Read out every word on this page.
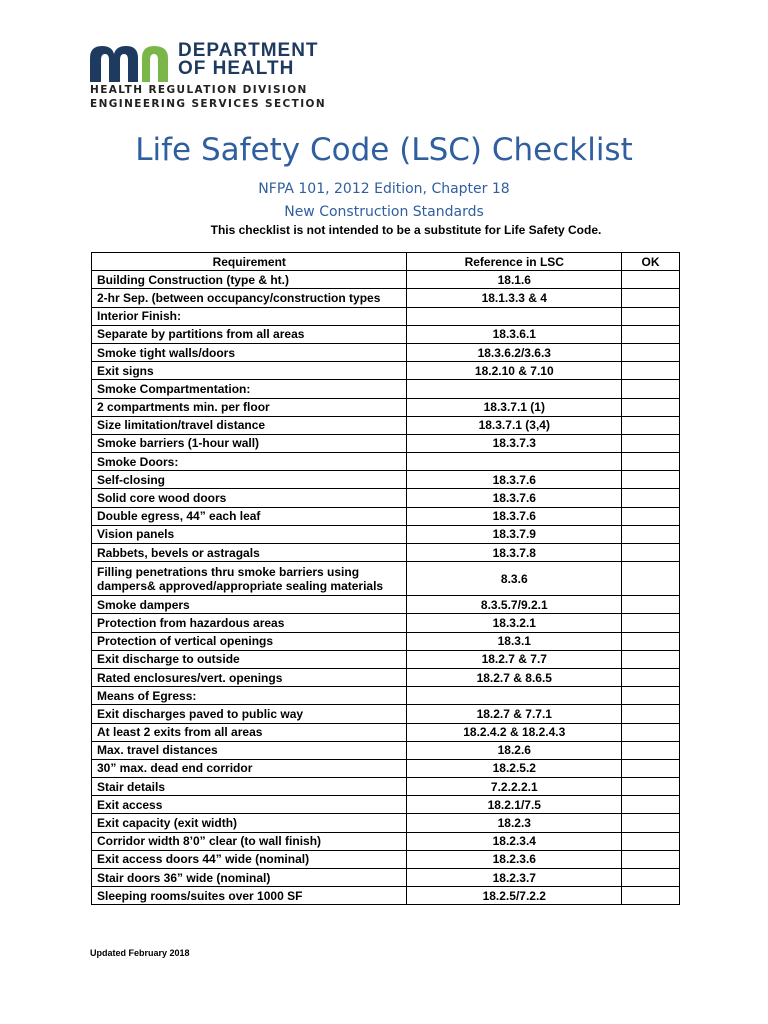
DEPARTMENT
OF HEALTH
HEALTH REGULATION DIVISION
ENGINEERING SERVICES SECTION
Life Safety Code (LSC) Checklist
NFPA 101, 2012 Edition, Chapter 18
New Construction Standards
This checklist is not intended to be a substitute for Life Safety Code.
Requirement	Reference in LSC	OK
Building Construction (type & ht.)	18.1.6	
2-hr Sep. (between occupancy/construction types	18.1.3.3 & 4	
Interior Finish:		
Separate by partitions from all areas	18.3.6.1	
Smoke tight walls/doors	18.3.6.2/3.6.3	
Exit signs	18.2.10 & 7.10	
Smoke Compartmentation:		
2 compartments min. per floor	18.3.7.1 (1)	
Size limitation/travel distance	18.3.7.1 (3,4)	
Smoke barriers (1-hour wall)	18.3.7.3	
Smoke Doors:		
Self-closing	18.3.7.6	
Solid core wood doors	18.3.7.6	
Double egress, 44” each leaf	18.3.7.6	
Vision panels	18.3.7.9	
Rabbets, bevels or astragals	18.3.7.8	
Filling penetrations thru smoke barriers using dampers& approved/appropriate sealing materials	8.3.6	
Smoke dampers	8.3.5.7/9.2.1	
Protection from hazardous areas	18.3.2.1	
Protection of vertical openings	18.3.1	
Exit discharge to outside	18.2.7 & 7.7	
Rated enclosures/vert. openings	18.2.7 & 8.6.5	
Means of Egress:		
Exit discharges paved to public way	18.2.7 & 7.7.1	
At least 2 exits from all areas	18.2.4.2 & 18.2.4.3	
Max. travel distances	18.2.6	
30” max. dead end corridor	18.2.5.2	
Stair details	7.2.2.2.1	
Exit access	18.2.1/7.5	
Exit capacity (exit width)	18.2.3	
Corridor width 8’0” clear (to wall finish)	18.2.3.4	
Exit access doors 44” wide (nominal)	18.2.3.6	
Stair doors 36” wide (nominal)	18.2.3.7	
Sleeping rooms/suites over 1000 SF	18.2.5/7.2.2	
Updated February 2018
